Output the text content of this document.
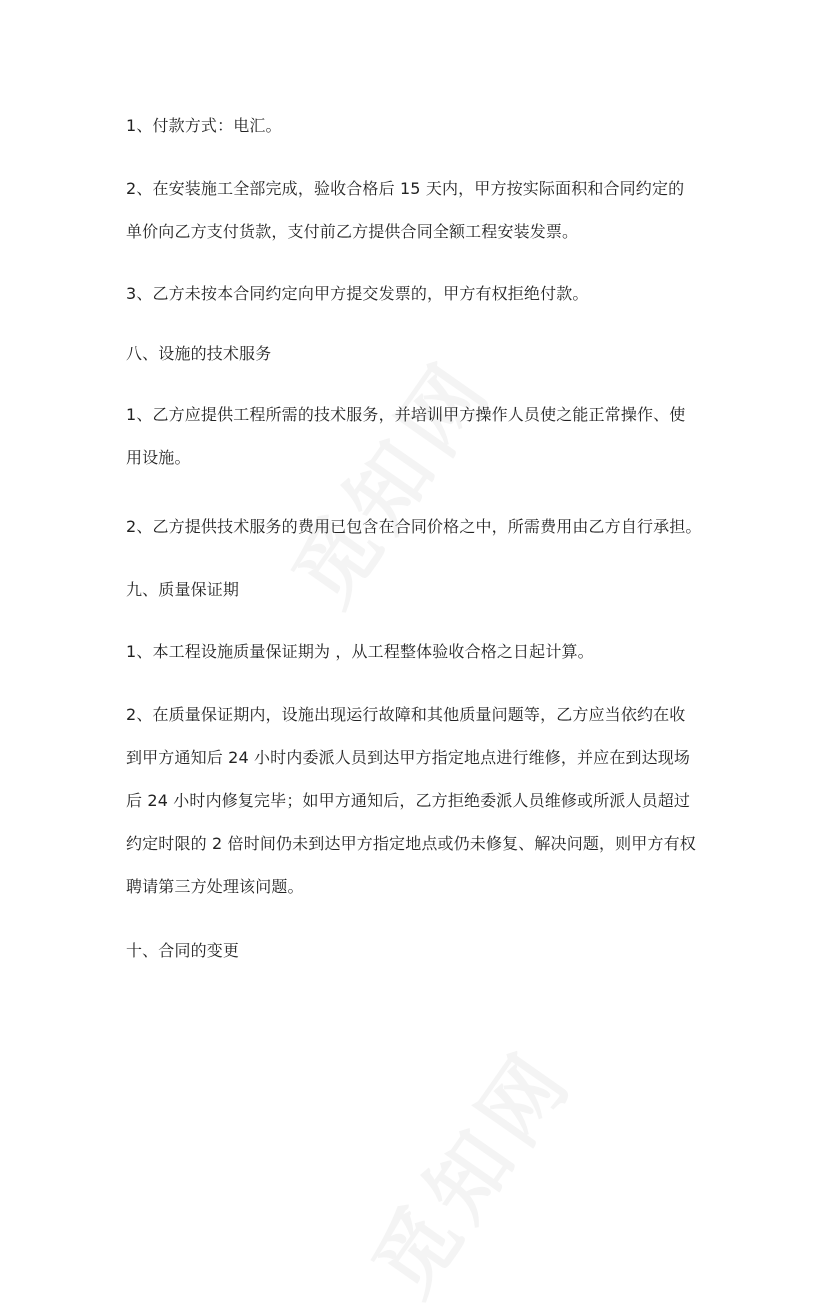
1、付款方式：电汇。
2、在安装施工全部完成，验收合格后 15 天内，甲方按实际面积和合同约定的
单价向乙方支付货款，支付前乙方提供合同全额工程安装发票。
3、乙方未按本合同约定向甲方提交发票的，甲方有权拒绝付款。
八、设施的技术服务
1、乙方应提供工程所需的技术服务，并培训甲方操作人员使之能正常操作、使
用设施。
2、乙方提供技术服务的费用已包含在合同价格之中，所需费用由乙方自行承担。
九、质量保证期
1、本工程设施质量保证期为 ，从工程整体验收合格之日起计算。
2、在质量保证期内，设施出现运行故障和其他质量问题等，乙方应当依约在收
到甲方通知后 24 小时内委派人员到达甲方指定地点进行维修，并应在到达现场
后 24 小时内修复完毕；如甲方通知后，乙方拒绝委派人员维修或所派人员超过
约定时限的 2 倍时间仍未到达甲方指定地点或仍未修复、解决问题，则甲方有权
聘请第三方处理该问题。
十、合同的变更
